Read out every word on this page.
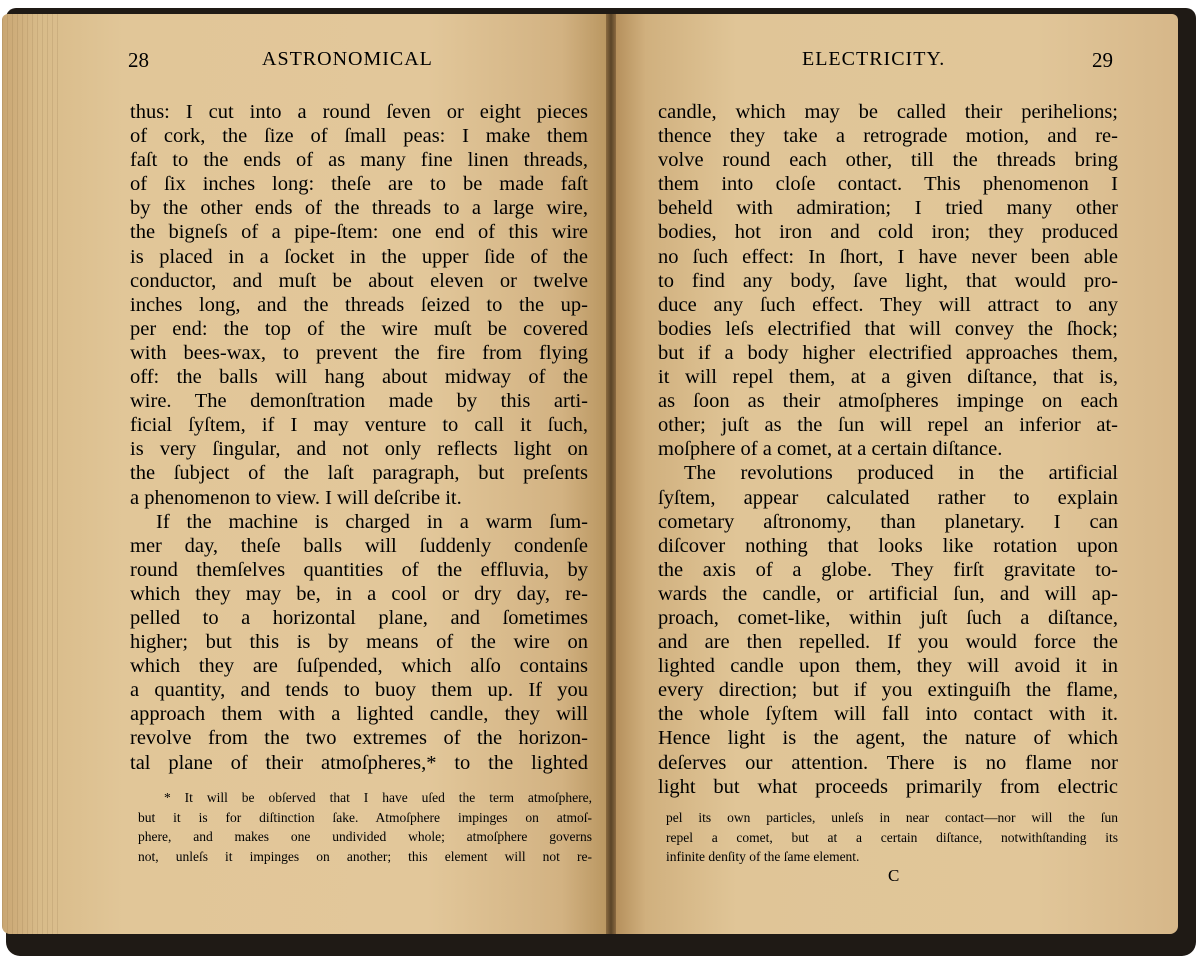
28	ASTRONOMICAL
thus: I cut into a round ſeven or eight pieces
of cork, the ſize of ſmall peas: I make them
faſt to the ends of as many fine linen threads,
of ſix inches long: theſe are to be made faſt
by the other ends of the threads to a large wire,
the bigneſs of a pipe-ſtem: one end of this wire
is placed in a ſocket in the upper ſide of the
conductor, and muſt be about eleven or twelve
inches long, and the threads ſeized to the up-
per end: the top of the wire muſt be covered
with bees-wax, to prevent the fire from flying
off: the balls will hang about midway of the
wire. The demonſtration made by this arti-
ficial ſyſtem, if I may venture to call it ſuch,
is very ſingular, and not only reflects light on
the ſubject of the laſt paragraph, but preſents
a phenomenon to view. I will deſcribe it.
If the machine is charged in a warm ſum-
mer day, theſe balls will ſuddenly condenſe
round themſelves quantities of the effluvia, by
which they may be, in a cool or dry day, re-
pelled to a horizontal plane, and ſometimes
higher; but this is by means of the wire on
which they are ſuſpended, which alſo contains
a quantity, and tends to buoy them up. If you
approach them with a lighted candle, they will
revolve from the two extremes of the horizon-
tal plane of their atmoſpheres,* to the lighted
* It will be obſerved that I have uſed the term atmoſphere,
but it is for diſtinction ſake. Atmoſphere impinges on atmoſ-
phere, and makes one undivided whole; atmoſphere governs
not, unleſs it impinges on another; this element will not re-
ELECTRICITY.	29
candle, which may be called their perihelions;
thence they take a retrograde motion, and re-
volve round each other, till the threads bring
them into cloſe contact. This phenomenon I
beheld with admiration; I tried many other
bodies, hot iron and cold iron; they produced
no ſuch effect: In ſhort, I have never been able
to find any body, ſave light, that would pro-
duce any ſuch effect. They will attract to any
bodies leſs electrified that will convey the ſhock;
but if a body higher electrified approaches them,
it will repel them, at a given diſtance, that is,
as ſoon as their atmoſpheres impinge on each
other; juſt as the ſun will repel an inferior at-
moſphere of a comet, at a certain diſtance.
The revolutions produced in the artificial
ſyſtem, appear calculated rather to explain
cometary aſtronomy, than planetary. I can
diſcover nothing that looks like rotation upon
the axis of a globe. They firſt gravitate to-
wards the candle, or artificial ſun, and will ap-
proach, comet-like, within juſt ſuch a diſtance,
and are then repelled. If you would force the
lighted candle upon them, they will avoid it in
every direction; but if you extinguiſh the flame,
the whole ſyſtem will fall into contact with it.
Hence light is the agent, the nature of which
deſerves our attention. There is no flame nor
light but what proceeds primarily from electric
pel its own particles, unleſs in near contact—nor will the ſun
repel a comet, but at a certain diſtance, notwithſtanding its
infinite denſity of the ſame element.
C
